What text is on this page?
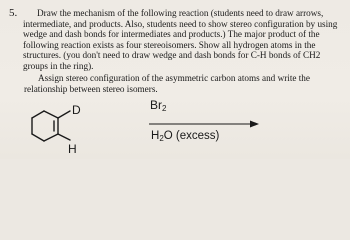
5.	Draw the mechanism of the following reaction (students need to draw arrows, intermediate, and products. Also, students need to show stereo configuration by using wedge and dash bonds for intermediates and products.) The major product of the following reaction exists as four stereoisomers. Show all hydrogen atoms in the structures. (you don't need to draw wedge and dash bonds for C-H bonds of CH2 groups in the ring).

Assign stereo configuration of the asymmetric carbon atoms and write the relationship between stereo isomers.

D
H
$Br_2$
$H_2O$ (excess)
